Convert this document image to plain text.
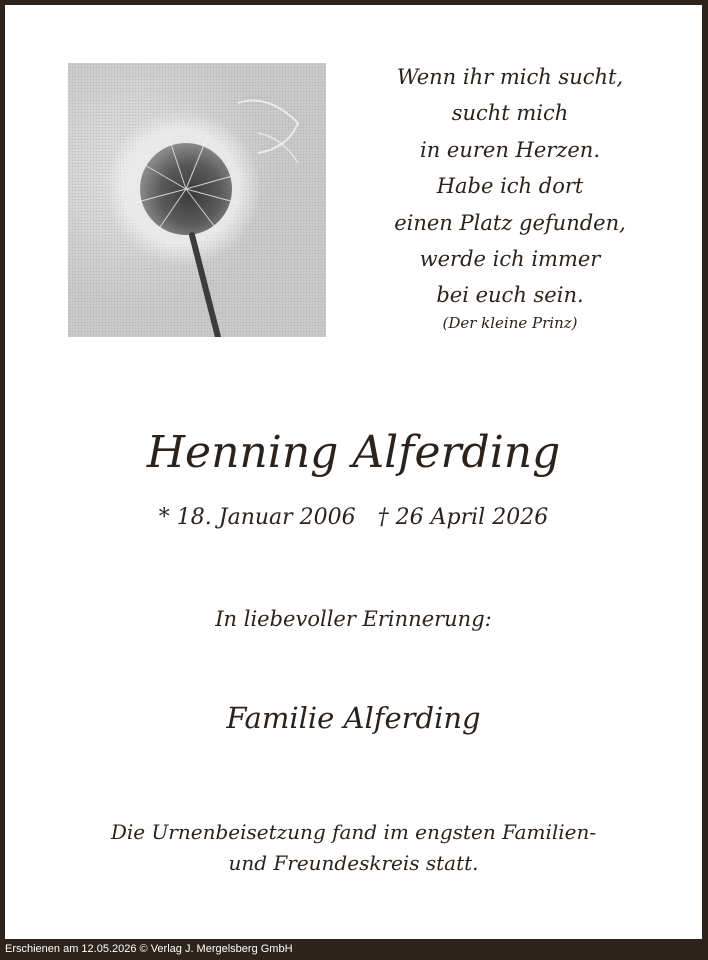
Wenn ihr mich sucht,
sucht mich
in euren Herzen.
Habe ich dort
einen Platz gefunden,
werde ich immer
bei euch sein.
(Der kleine Prinz)
Henning Alferding
* 18. Januar 2006 † 26 April 2026
In liebevoller Erinnerung:
Familie Alferding
Die Urnenbeisetzung fand im engsten Familien-
und Freundeskreis statt.
Erschienen am 12.05.2026 © Verlag J. Mergelsberg GmbH
